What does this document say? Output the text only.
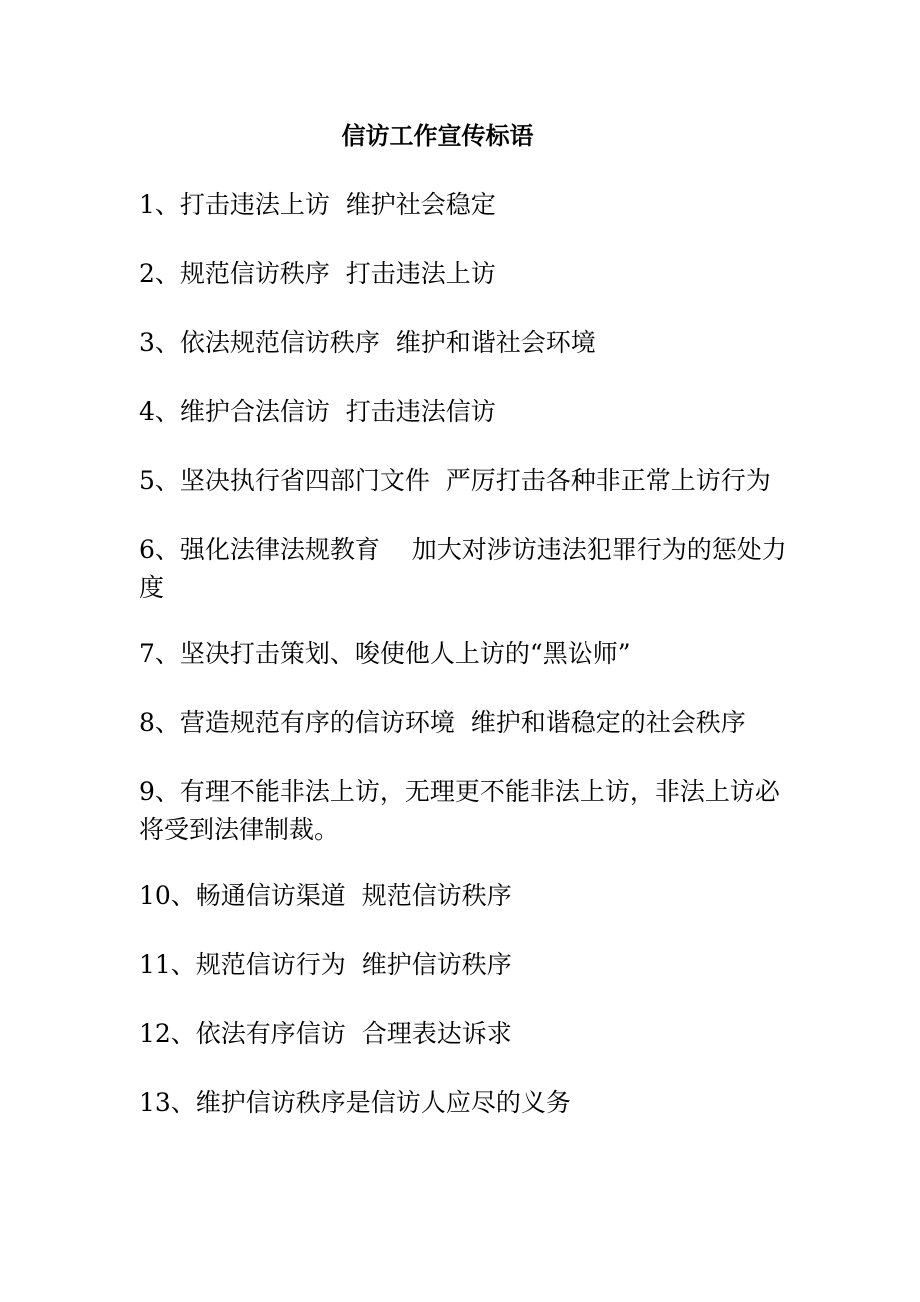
信访工作宣传标语
1、打击违法上访  维护社会稳定
2、规范信访秩序  打击违法上访
3、依法规范信访秩序  维护和谐社会环境
4、维护合法信访  打击违法信访
5、坚决执行省四部门文件  严厉打击各种非正常上访行为
6、强化法律法规教育    加大对涉访违法犯罪行为的惩处力度
7、坚决打击策划、唆使他人上访的“黑讼师”
8、营造规范有序的信访环境  维护和谐稳定的社会秩序
9、有理不能非法上访，无理更不能非法上访，非法上访必将受到法律制裁。
10、畅通信访渠道  规范信访秩序
11、规范信访行为  维护信访秩序
12、依法有序信访  合理表达诉求
13、维护信访秩序是信访人应尽的义务
